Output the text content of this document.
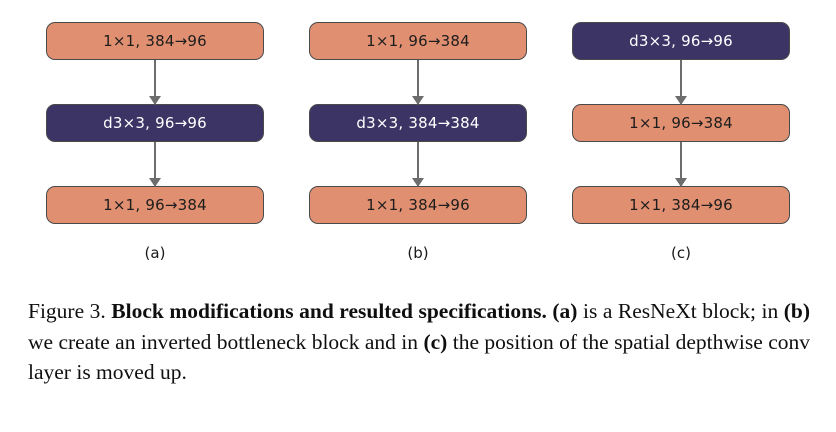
1×1, 384→96
d3×3, 96→96
1×1, 96→384
(a)
1×1, 96→384
d3×3, 384→384
1×1, 384→96
(b)
d3×3, 96→96
1×1, 96→384
1×1, 384→96
(c)
Figure 3. Block modifications and resulted specifications. (a) is a ResNeXt block; in (b) we create an inverted bottleneck block and in (c) the position of the spatial depthwise conv layer is moved up.
